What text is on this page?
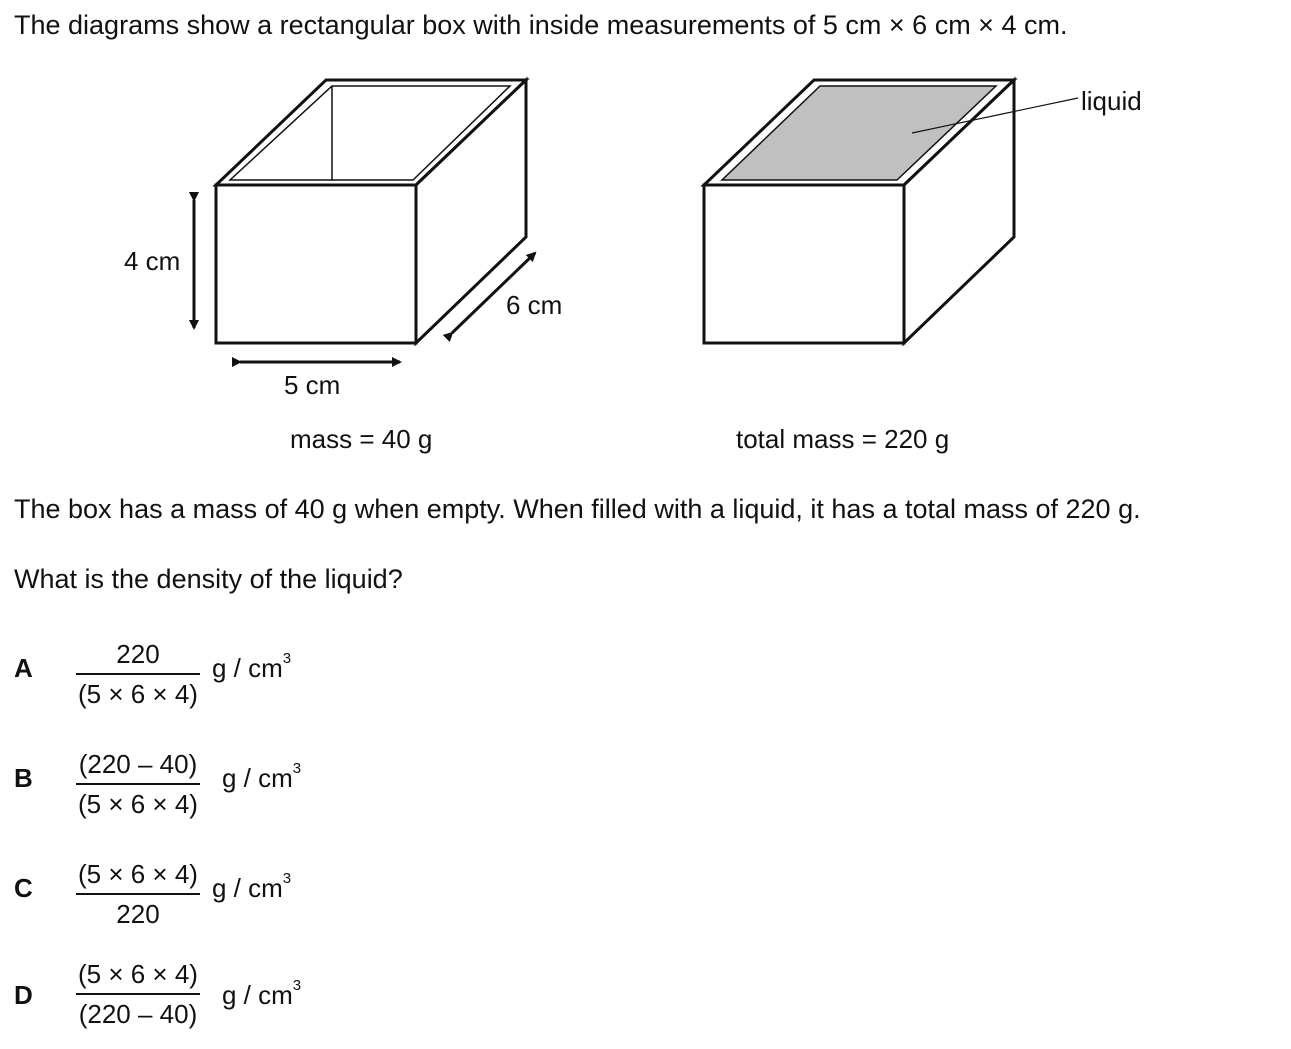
The diagrams show a rectangular box with inside measurements of 5 cm × 6 cm × 4 cm.
4 cm
6 cm
5 cm
mass = 40 g
liquid
total mass = 220 g
The box has a mass of 40 g when empty. When filled with a liquid, it has a total mass of 220 g.
What is the density of the liquid?
A	220
(5 × 6 × 4)
g / $cm^3$
B (220 – 40)
(5 × 6 × 4)
g / $cm^3$
C (5 × 6 × 4)
220
g / $cm^3$
D
(5 × 6 × 4)
(220 – 40)
g / $cm^3$
